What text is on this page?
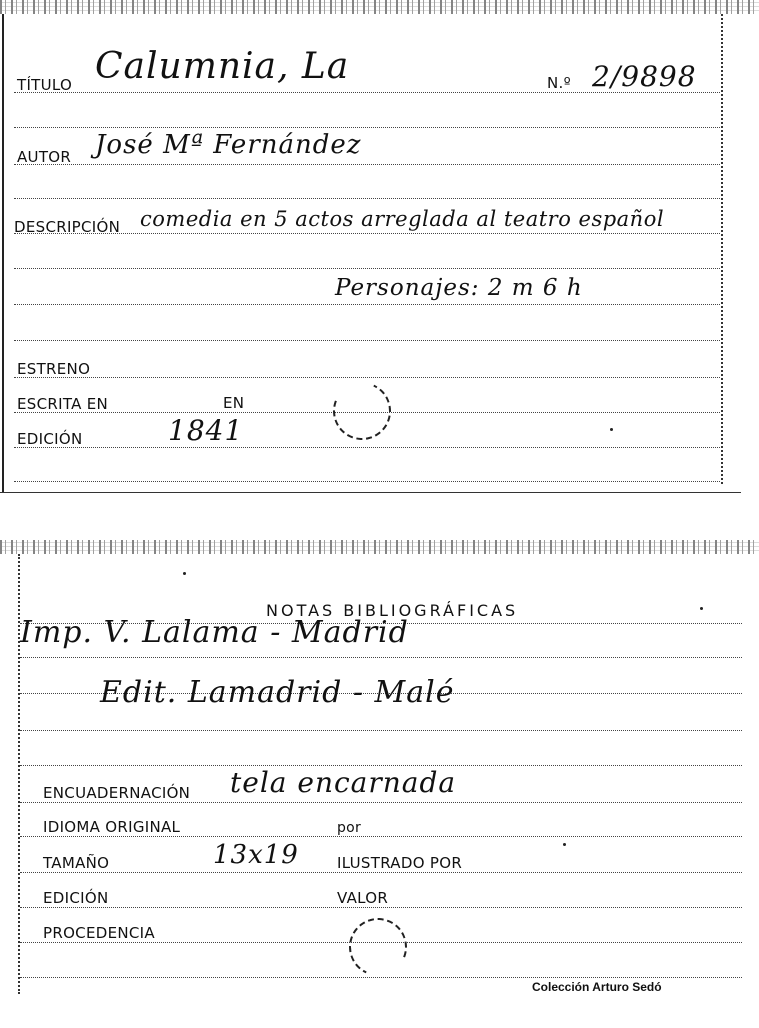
TÍTULO Calumnia, La	N.º 2/9898
AUTOR José Mª Fernández
DESCRIPCIÓN comedia en 5 actos arreglada al teatro español
Personajes: 2 m 6 h
ESTRENO
ESCRITA EN	EN
EDICIÓN	1841
NOTAS BIBLIOGRÁFICAS
Imp. V. Lalama - Madrid
Edit. Lamadrid - Malé
ENCUADERNACIÓN tela encarnada
IDIOMA ORIGINAL	por
TAMAÑO	13x19	ILUSTRADO POR
EDICIÓN	VALOR
PROCEDENCIA
Colección Arturo Sedó
